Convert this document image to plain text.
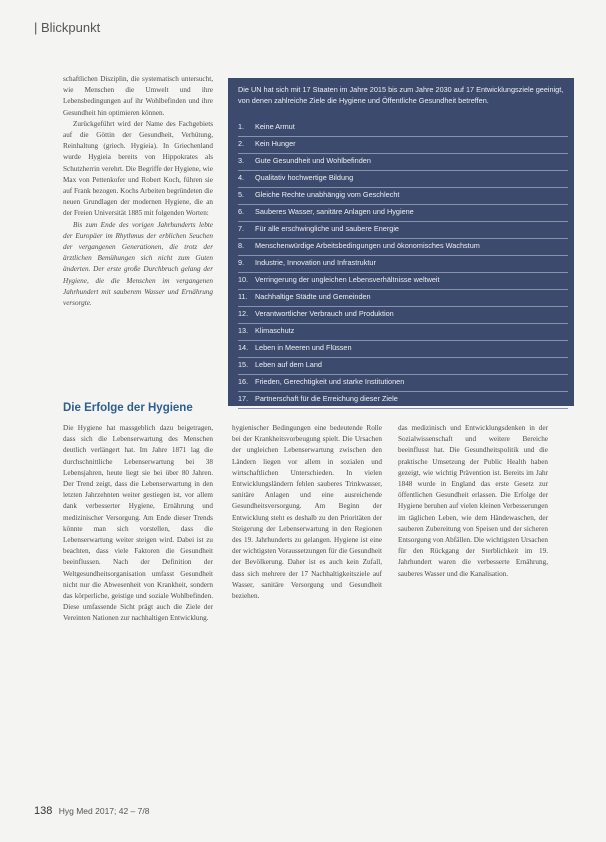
| Blickpunkt

schaftlichen Disziplin, die systematisch untersucht, wie Menschen die Umwelt und ihre Lebensbedingungen auf ihr Wohlbefinden und ihre Gesundheit hin optimieren können.

Zurückgeführt wird der Name des Fachgebiets auf die Göttin der Gesundheit, Verhütung, Reinhaltung (griech. Hygieia). In Griechenland wurde Hygieia bereits von Hippokrates als Schutzherrin verehrt. Die Begriffe der Hygiene, wie Max von Pettenkofer und Robert Koch, führen sie auf Frank bezogen. Kochs Arbeiten begründeten die neuen Grundlagen der modernen Hygiene, die an der Freien Universität 1885 mit folgenden Worten:

Bis zum Ende des vorigen Jahrhunderts lebte der Europäer im Rhythmus der erblichen Seuchen der vergangenen Generationen, die trotz der ärztlichen Bemühungen sich nicht zum Guten änderten. Der erste große Durchbruch gelang der Hygiene, die die Menschen im vergangenen Jahrhundert mit sauberem Wasser und Ernährung versorgte.

Die Erfolge der Hygiene
Die Hygiene hat massgeblich dazu beigetragen, dass sich die Lebenserwartung des Menschen deutlich verlängert hat. Im Jahre 1871 lag die durchschnittliche Lebenserwartung bei 38 Lebensjahren, heute liegt sie bei über 80 Jahren. Der Trend zeigt, dass die Lebenserwartung in den letzten Jahrzehnten weiter gestiegen ist, vor allem dank verbesserter Hygiene, Ernährung und medizinischer Versorgung. Am Ende dieser Trends könnte man sich vorstellen, dass die Lebenserwartung weiter steigen wird. Dabei ist zu beachten, dass viele Faktoren die Gesundheit beeinflussen. Nach der Definition der Weltgesundheitsorganisation umfasst Gesundheit nicht nur die Abwesenheit von Krankheit, sondern das körperliche, geistige und soziale Wohlbefinden. Diese umfassende Sicht prägt auch die Ziele der Vereinten Nationen zur nachhaltigen Entwicklung.
hygienischer Bedingungen eine bedeutende Rolle bei der Krankheitsvorbeugung spielt. Die Ursachen der ungleichen Lebenserwartung zwischen den Ländern liegen vor allem in sozialen und wirtschaftlichen Unterschieden. In vielen Entwicklungsländern fehlen sauberes Trinkwasser, sanitäre Anlagen und eine ausreichende Gesundheitsversorgung. Am Beginn der Entwicklung steht es deshalb zu den Prioritäten der Steigerung der Lebenserwartung in den Regionen des 19. Jahrhunderts zu gelangen. Hygiene ist eine der wichtigsten Voraussetzungen für die Gesundheit der Bevölkerung. Daher ist es auch kein Zufall, dass sich mehrere der 17 Nachhaltigkeitsziele auf Wasser, sanitäre Versorgung und Gesundheit beziehen.
das medizinisch und Entwicklungsdenken in der Sozialwissenschaft und weitere Bereiche beeinflusst hat. Die Gesundheitspolitik und die praktische Umsetzung der Public Health haben gezeigt, wie wichtig Prävention ist. Bereits im Jahr 1848 wurde in England das erste Gesetz zur öffentlichen Gesundheit erlassen. Die Erfolge der Hygiene beruhen auf vielen kleinen Verbesserungen im täglichen Leben, wie dem Händewaschen, der sauberen Zubereitung von Speisen und der sicheren Entsorgung von Abfällen. Die wichtigsten Ursachen für den Rückgang der Sterblichkeit im 19. Jahrhundert waren die verbesserte Ernährung, sauberes Wasser und die Kanalisation.
Die UN hat sich mit 17 Staaten im Jahre 2015 bis zum Jahre 2030 auf 17 Entwicklungsziele geeinigt, von denen zahlreiche Ziele die Hygiene und Öffentliche Gesundheit betreffen.
1. Keine Armut
2. Kein Hunger
3. Gute Gesundheit und Wohlbefinden
4. Qualitativ hochwertige Bildung
5. Gleiche Rechte unabhängig vom Geschlecht
6. Sauberes Wasser, sanitäre Anlagen und Hygiene
7. Für alle erschwingliche und saubere Energie
8. Menschenwürdige Arbeitsbedingungen und ökonomisches Wachstum
9. Industrie, Innovation und Infrastruktur
10. Verringerung der ungleichen Lebensverhältnisse weltweit
11. Nachhaltige Städte und Gemeinden
12. Verantwortlicher Verbrauch und Produktion
13. Klimaschutz
14. Leben in Meeren und Flüssen
15. Leben auf dem Land
16. Frieden, Gerechtigkeit und starke Institutionen
17. Partnerschaft für die Erreichung dieser Ziele
138 Hyg Med 2017; 42 – 7/8
